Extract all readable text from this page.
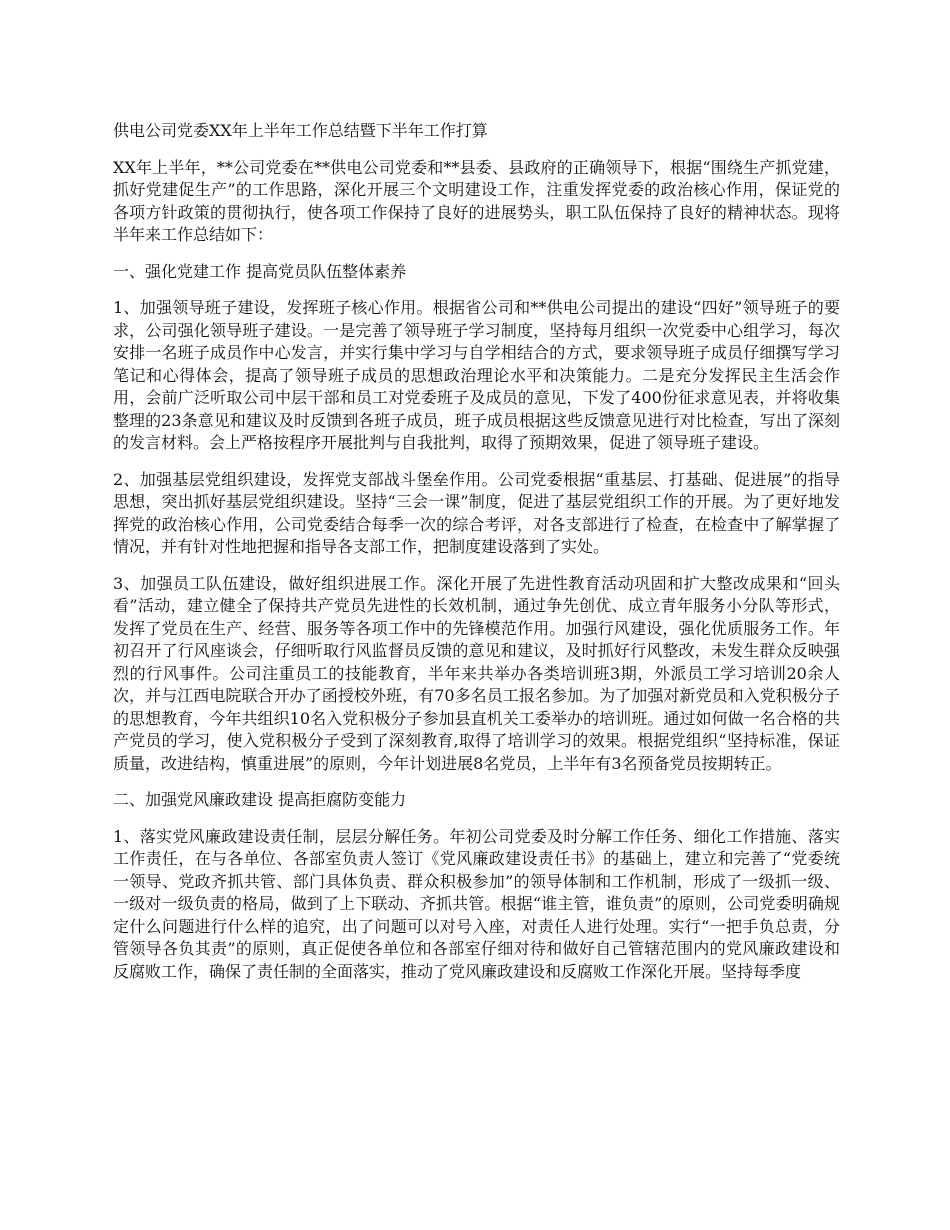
供电公司党委XX年上半年工作总结暨下半年工作打算

XX年上半年，**公司党委在**供电公司党委和**县委、县政府的正确领导下，根据“围绕生产抓党建，抓好党建促生产”的工作思路，深化开展三个文明建设工作，注重发挥党委的政治核心作用，保证党的各项方针政策的贯彻执行，使各项工作保持了良好的进展势头，职工队伍保持了良好的精神状态。现将半年来工作总结如下：

一、强化党建工作 提高党员队伍整体素养

1、加强领导班子建设，发挥班子核心作用。根据省公司和**供电公司提出的建设“四好”领导班子的要求，公司强化领导班子建设。一是完善了领导班子学习制度，坚持每月组织一次党委中心组学习，每次安排一名班子成员作中心发言，并实行集中学习与自学相结合的方式，要求领导班子成员仔细撰写学习笔记和心得体会，提高了领导班子成员的思想政治理论水平和决策能力。二是充分发挥民主生活会作用，会前广泛听取公司中层干部和员工对党委班子及成员的意见，下发了400份征求意见表，并将收集整理的23条意见和建议及时反馈到各班子成员，班子成员根据这些反馈意见进行对比检查，写出了深刻的发言材料。会上严格按程序开展批判与自我批判，取得了预期效果，促进了领导班子建设。

2、加强基层党组织建设，发挥党支部战斗堡垒作用。公司党委根据“重基层、打基础、促进展”的指导思想，突出抓好基层党组织建设。坚持“三会一课”制度，促进了基层党组织工作的开展。为了更好地发挥党的政治核心作用，公司党委结合每季一次的综合考评，对各支部进行了检查，在检查中了解掌握了情况，并有针对性地把握和指导各支部工作，把制度建设落到了实处。

3、加强员工队伍建设，做好组织进展工作。深化开展了先进性教育活动巩固和扩大整改成果和“回头看”活动，建立健全了保持共产党员先进性的长效机制，通过争先创优、成立青年服务小分队等形式，发挥了党员在生产、经营、服务等各项工作中的先锋模范作用。加强行风建设，强化优质服务工作。年初召开了行风座谈会，仔细听取行风监督员反馈的意见和建议，及时抓好行风整改，未发生群众反映强烈的行风事件。公司注重员工的技能教育，半年来共举办各类培训班3期，外派员工学习培训20余人次，并与江西电院联合开办了函授校外班，有70多名员工报名参加。为了加强对新党员和入党积极分子的思想教育，今年共组织10名入党积极分子参加县直机关工委举办的培训班。通过如何做一名合格的共产党员的学习，使入党积极分子受到了深刻教育,取得了培训学习的效果。根据党组织“坚持标准，保证质量，改进结构，慎重进展”的原则，今年计划进展8名党员，上半年有3名预备党员按期转正。

二、加强党风廉政建设 提高拒腐防变能力

1、落实党风廉政建设责任制，层层分解任务。年初公司党委及时分解工作任务、细化工作措施、落实工作责任，在与各单位、各部室负责人签订《党风廉政建设责任书》的基础上，建立和完善了“党委统一领导、党政齐抓共管、部门具体负责、群众积极参加”的领导体制和工作机制，形成了一级抓一级、一级对一级负责的格局，做到了上下联动、齐抓共管。根据“谁主管，谁负责”的原则，公司党委明确规定什么问题进行什么样的追究，出了问题可以对号入座，对责任人进行处理。实行“一把手负总责，分管领导各负其责”的原则，真正促使各单位和各部室仔细对待和做好自己管辖范围内的党风廉政建设和反腐败工作，确保了责任制的全面落实，推动了党风廉政建设和反腐败工作深化开展。坚持每季度
